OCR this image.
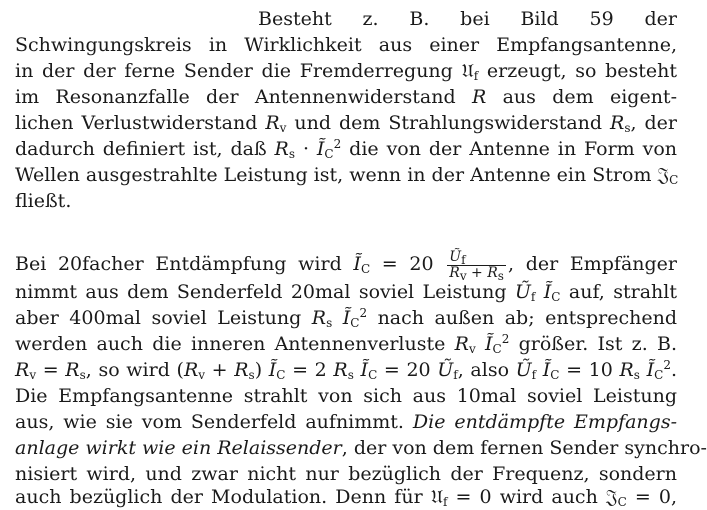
Besteht z. B. bei Bild 59 der
Schwingungskreis in Wirklichkeit aus einer Empfangsantenne,
in der der ferne Sender die Fremderregung 𝔘$_f$ erzeugt, so besteht
im Resonanzfalle der Antennenwiderstand R aus dem eigent-
lichen Verlustwiderstand $R_v$ und dem Strahlungswiderstand $R_s$, der
dadurch definiert ist, daß $R_s$ · $Ĩ_C^2$ die von der Antenne in Form von
Wellen ausgestrahlte Leistung ist, wenn in der Antenne ein Strom 𝔍$_C$
fließt.
Bei 20facher Entdämpfung wird $Ĩ_C = 20 \frac{Ũ_f}{R_v + R_s}$ , der Empfänger
nimmt aus dem Senderfeld 20mal soviel Leistung $Ũ_f$ $Ĩ_C$ auf, strahlt
aber 400mal soviel Leistung $R_s$ $Ĩ_C^2$ nach außen ab; entsprechend
werden auch die inneren Antennenverluste $R_v$ $Ĩ_C^2$ größer. Ist z. B.
$R_v = R_s$, so wird $(R_v + R_s)$ $Ĩ_C = 2$ $R_s$ $Ĩ_C = 20$ $Ũ_f$, also $Ũ_f$ $Ĩ_C = 10$ $R_s$ $Ĩ_C^2$.
Die Empfangsantenne strahlt von sich aus 10mal soviel Leistung
aus, wie sie vom Senderfeld aufnimmt. Die entdämpfte Empfangs-
anlage wirkt wie ein Relaissender, der von dem fernen Sender synchro-
nisiert wird, und zwar nicht nur bezüglich der Frequenz, sondern
auch bezüglich der Modulation. Denn für 𝔘$_f$ = 0 wird auch 𝔍$_C$ = 0,
